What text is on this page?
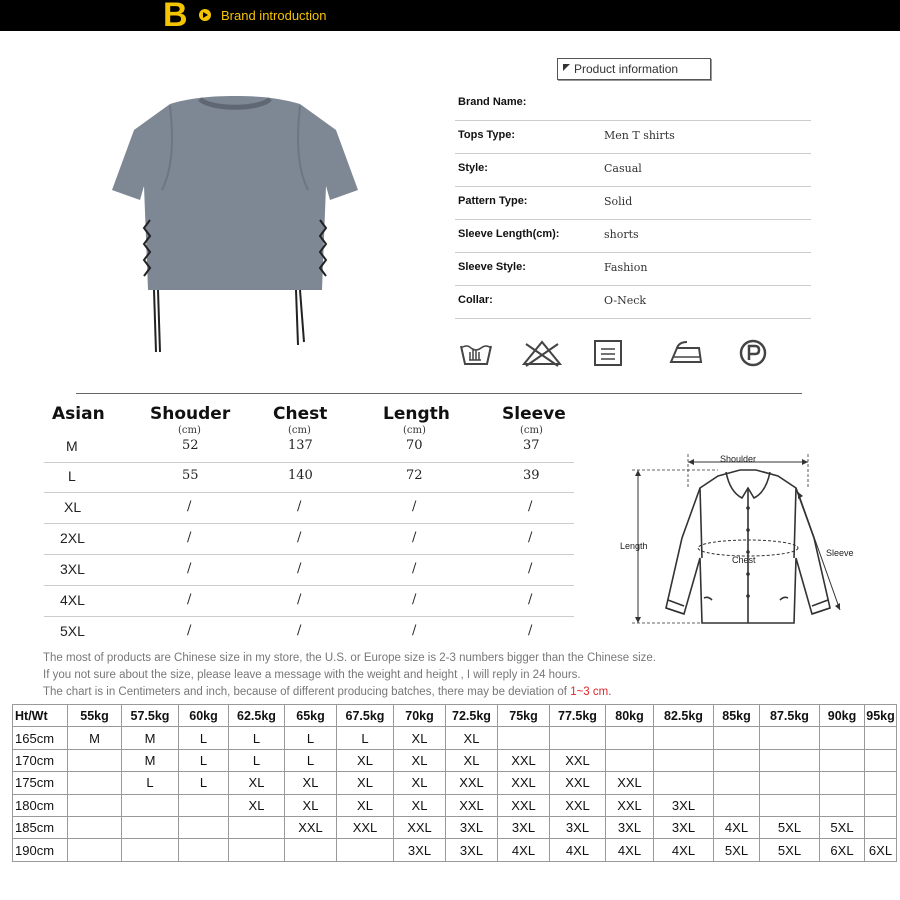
B	Brand introduction
Product information
Brand Name:
Tops Type:	Men T shirts
Style:	Casual
Pattern Type:	Solid
Sleeve Length(cm):	shorts
Sleeve Style:	Fashion
Collar:	O-Neck
Asian	Shouder	Chest	Length	Sleeve
(cm)	(cm)	(cm)	(cm)
M	52	137	70	37
L	55	140	72	39
XL	/	/	/	/
2XL	/	/	/	/
3XL	/	/	/	/
4XL	/	/	/	/
5XL	/	/	/	/
Shoulder
Length
Chest
Sleeve
The most of products are Chinese size in my store, the U.S. or Europe size is 2-3 numbers bigger than the Chinese size.
If you not sure about the size, please leave a message with the weight and height , I will reply in 24 hours.
The chart is in Centimeters and inch, because of different producing batches, there may be deviation of 1~3 cm.
Ht/Wt	55kg	57.5kg	60kg	62.5kg	65kg	67.5kg	70kg	72.5kg	75kg	77.5kg	80kg	82.5kg	85kg	87.5kg	90kg	95kg
165cm	M	M	L	L	L	L	XL	XL								
170cm		M	L	L	L	XL	XL	XL	XXL	XXL						
175cm		L	L	XL	XL	XL	XL	XXL	XXL	XXL	XXL					
180cm				XL	XL	XL	XL	XXL	XXL	XXL	XXL	3XL				
185cm					XXL	XXL	XXL	3XL	3XL	3XL	3XL	3XL	4XL	5XL	5XL	
190cm							3XL	3XL	4XL	4XL	4XL	4XL	5XL	5XL	6XL	6XL
